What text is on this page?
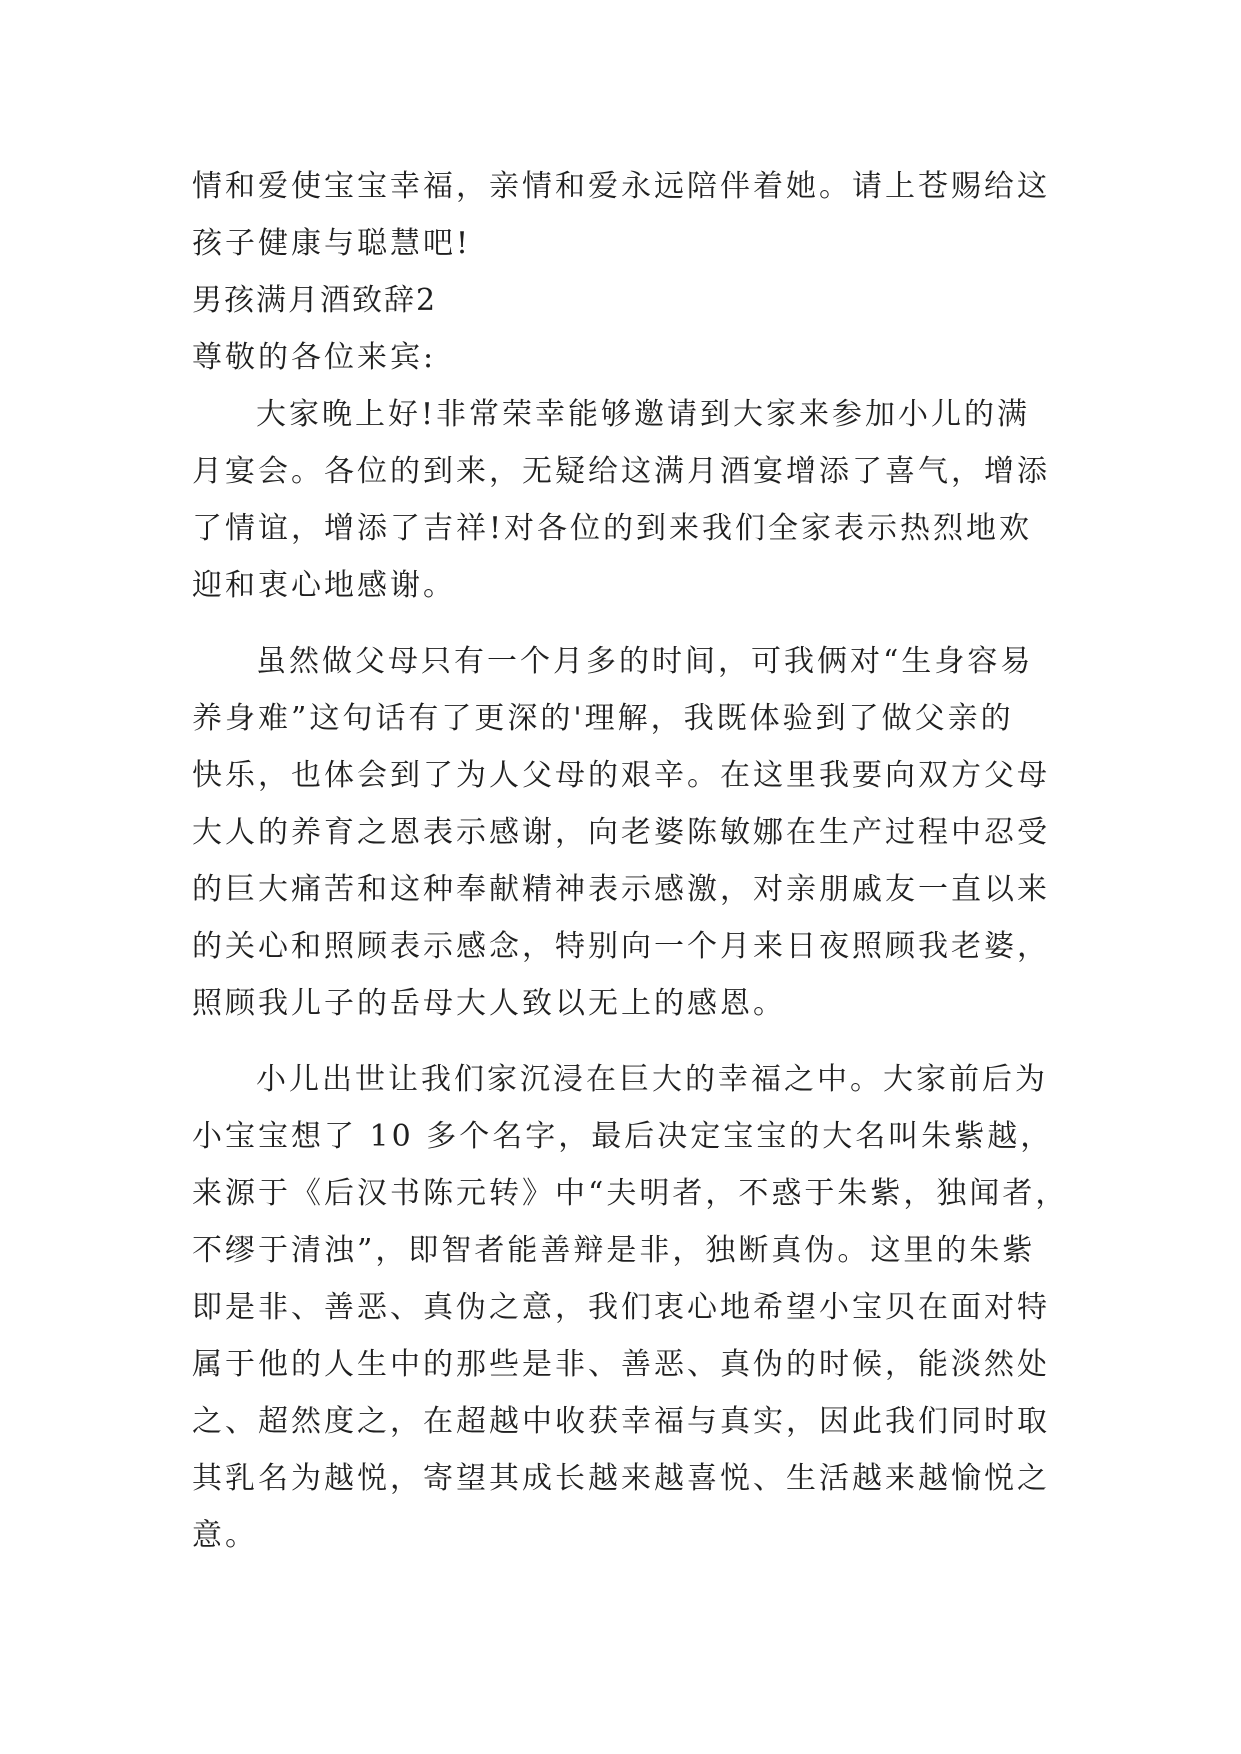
情和爱使宝宝幸福，亲情和爱永远陪伴着她。请上苍赐给这
孩子健康与聪慧吧!
男孩满月酒致辞2
尊敬的各位来宾:
大家晚上好!非常荣幸能够邀请到大家来参加小儿的满
月宴会。各位的到来，无疑给这满月酒宴增添了喜气，增添
了情谊，增添了吉祥!对各位的到来我们全家表示热烈地欢
迎和衷心地感谢。
虽然做父母只有一个月多的时间，可我俩对“生身容易
养身难”这句话有了更深的'理解，我既体验到了做父亲的
快乐，也体会到了为人父母的艰辛。在这里我要向双方父母
大人的养育之恩表示感谢，向老婆陈敏娜在生产过程中忍受
的巨大痛苦和这种奉献精神表示感激，对亲朋戚友一直以来
的关心和照顾表示感念，特别向一个月来日夜照顾我老婆，
照顾我儿子的岳母大人致以无上的感恩。
小儿出世让我们家沉浸在巨大的幸福之中。大家前后为
小宝宝想了 10 多个名字，最后决定宝宝的大名叫朱紫越，
来源于《后汉书陈元转》中“夫明者，不惑于朱紫，独闻者，
不缪于清浊”，即智者能善辩是非，独断真伪。这里的朱紫
即是非、善恶、真伪之意，我们衷心地希望小宝贝在面对特
属于他的人生中的那些是非、善恶、真伪的时候，能淡然处
之、超然度之，在超越中收获幸福与真实，因此我们同时取
其乳名为越悦，寄望其成长越来越喜悦、生活越来越愉悦之
意。
